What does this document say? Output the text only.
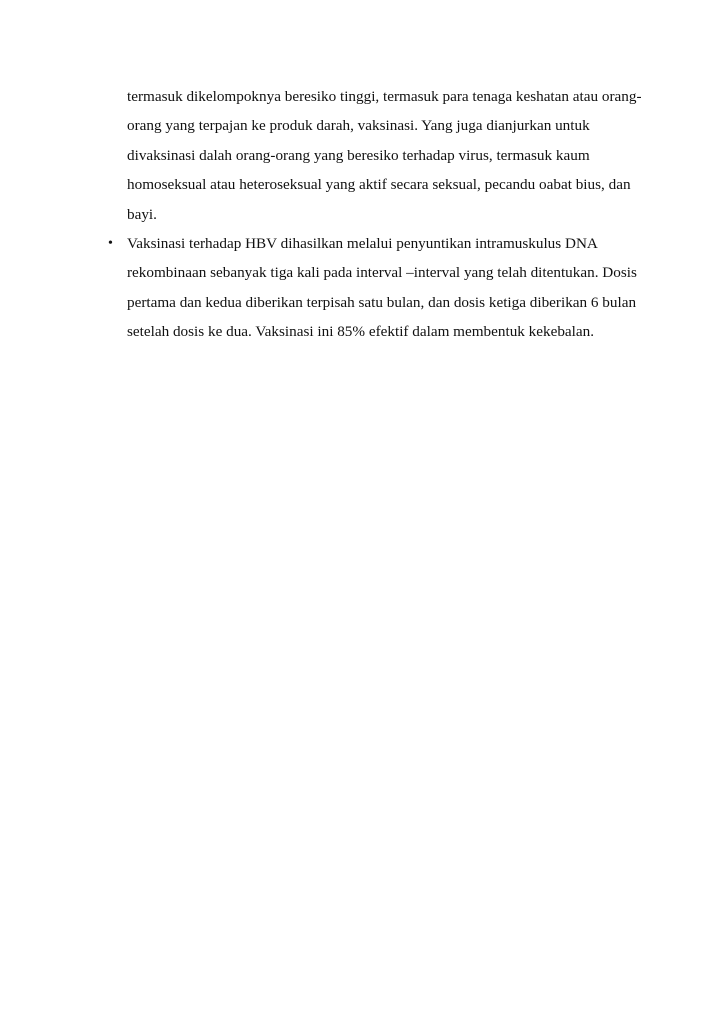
termasuk dikelompoknya beresiko tinggi, termasuk para tenaga keshatan atau orang-
orang yang terpajan ke produk darah, vaksinasi. Yang juga dianjurkan untuk
divaksinasi dalah orang-orang yang beresiko terhadap virus, termasuk kaum
homoseksual atau heteroseksual yang aktif secara seksual, pecandu oabat bius, dan
bayi.
• Vaksinasi terhadap HBV dihasilkan melalui penyuntikan intramuskulus DNA
rekombinaan sebanyak tiga kali pada interval –interval yang telah ditentukan. Dosis
pertama dan kedua diberikan terpisah satu bulan, dan dosis ketiga diberikan 6 bulan
setelah dosis ke dua. Vaksinasi ini 85% efektif dalam membentuk kekebalan.
